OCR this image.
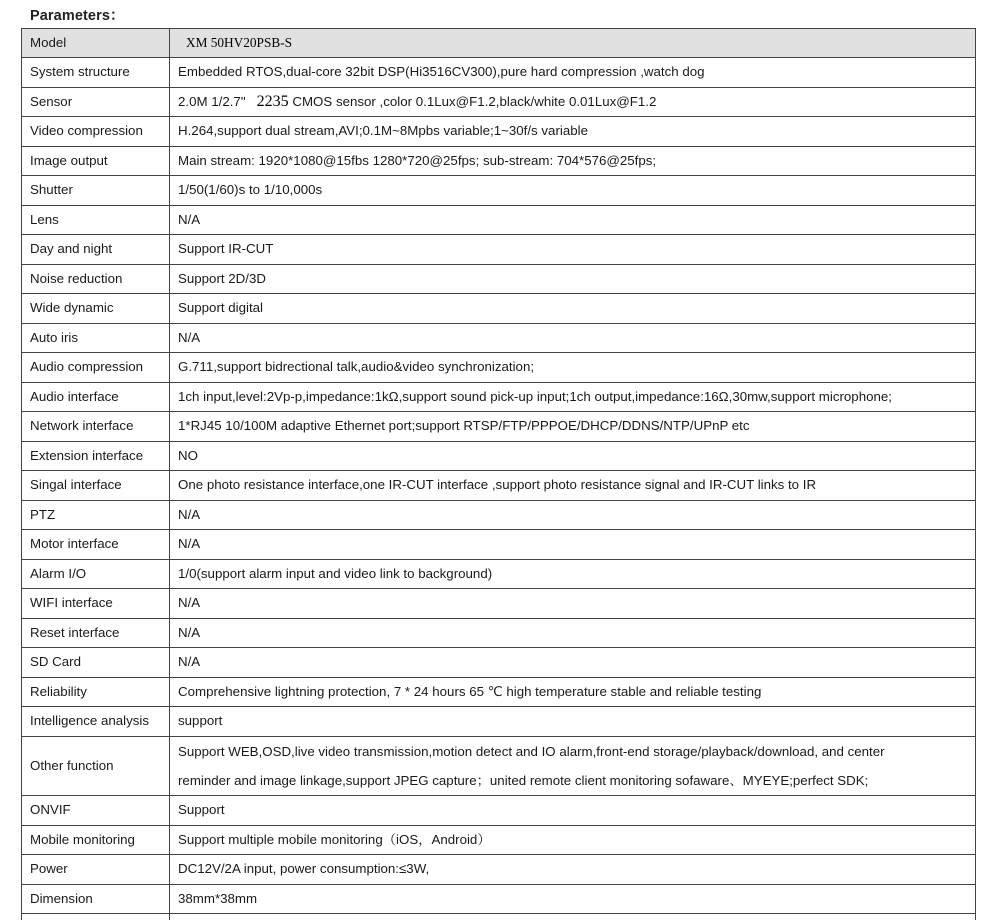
Parameters：
Model	XM 50HV20PSB-S
System structure	Embedded RTOS,dual-core 32bit DSP(Hi3516CV300),pure hard compression ,watch dog
Sensor	2.0M 1/2.7" 2235 CMOS sensor ,color 0.1Lux@F1.2,black/white 0.01Lux@F1.2
Video compression	H.264,support dual stream,AVI;0.1M~8Mpbs variable;1~30f/s variable
Image output	Main stream: 1920*1080@15fbs 1280*720@25fps; sub-stream: 704*576@25fps;
Shutter	1/50(1/60)s to 1/10,000s
Lens	N/A
Day and night	Support IR-CUT
Noise reduction	Support 2D/3D
Wide dynamic	Support digital
Auto iris	N/A
Audio compression	G.711,support bidrectional talk,audio&video synchronization;
Audio interface	1ch input,level:2Vp-p,impedance:1kΩ,support sound pick-up input;1ch output,impedance:16Ω,30mw,support microphone;
Network interface	1*RJ45 10/100M adaptive Ethernet port;support RTSP/FTP/PPPOE/DHCP/DDNS/NTP/UPnP etc
Extension interface	NO
Singal interface	One photo resistance interface,one IR-CUT interface ,support photo resistance signal and IR-CUT links to IR
PTZ	N/A
Motor interface	N/A
Alarm I/O	1/0(support alarm input and video link to background)
WIFI interface	N/A
Reset interface	N/A
SD Card	N/A
Reliability	Comprehensive lightning protection, 7 * 24 hours 65 ℃ high temperature stable and reliable testing
Intelligence analysis	support
Other function	Support WEB,OSD,live video transmission,motion detect and IO alarm,front-end storage/playback/download, and center
reminder and image linkage,support JPEG capture；united remote client monitoring sofaware、MYEYE;perfect SDK;
ONVIF	Support
Mobile monitoring	Support multiple mobile monitoring（iOS，Android）
Power	DC12V/2A input, power consumption:≤3W,
Dimension	38mm*38mm
